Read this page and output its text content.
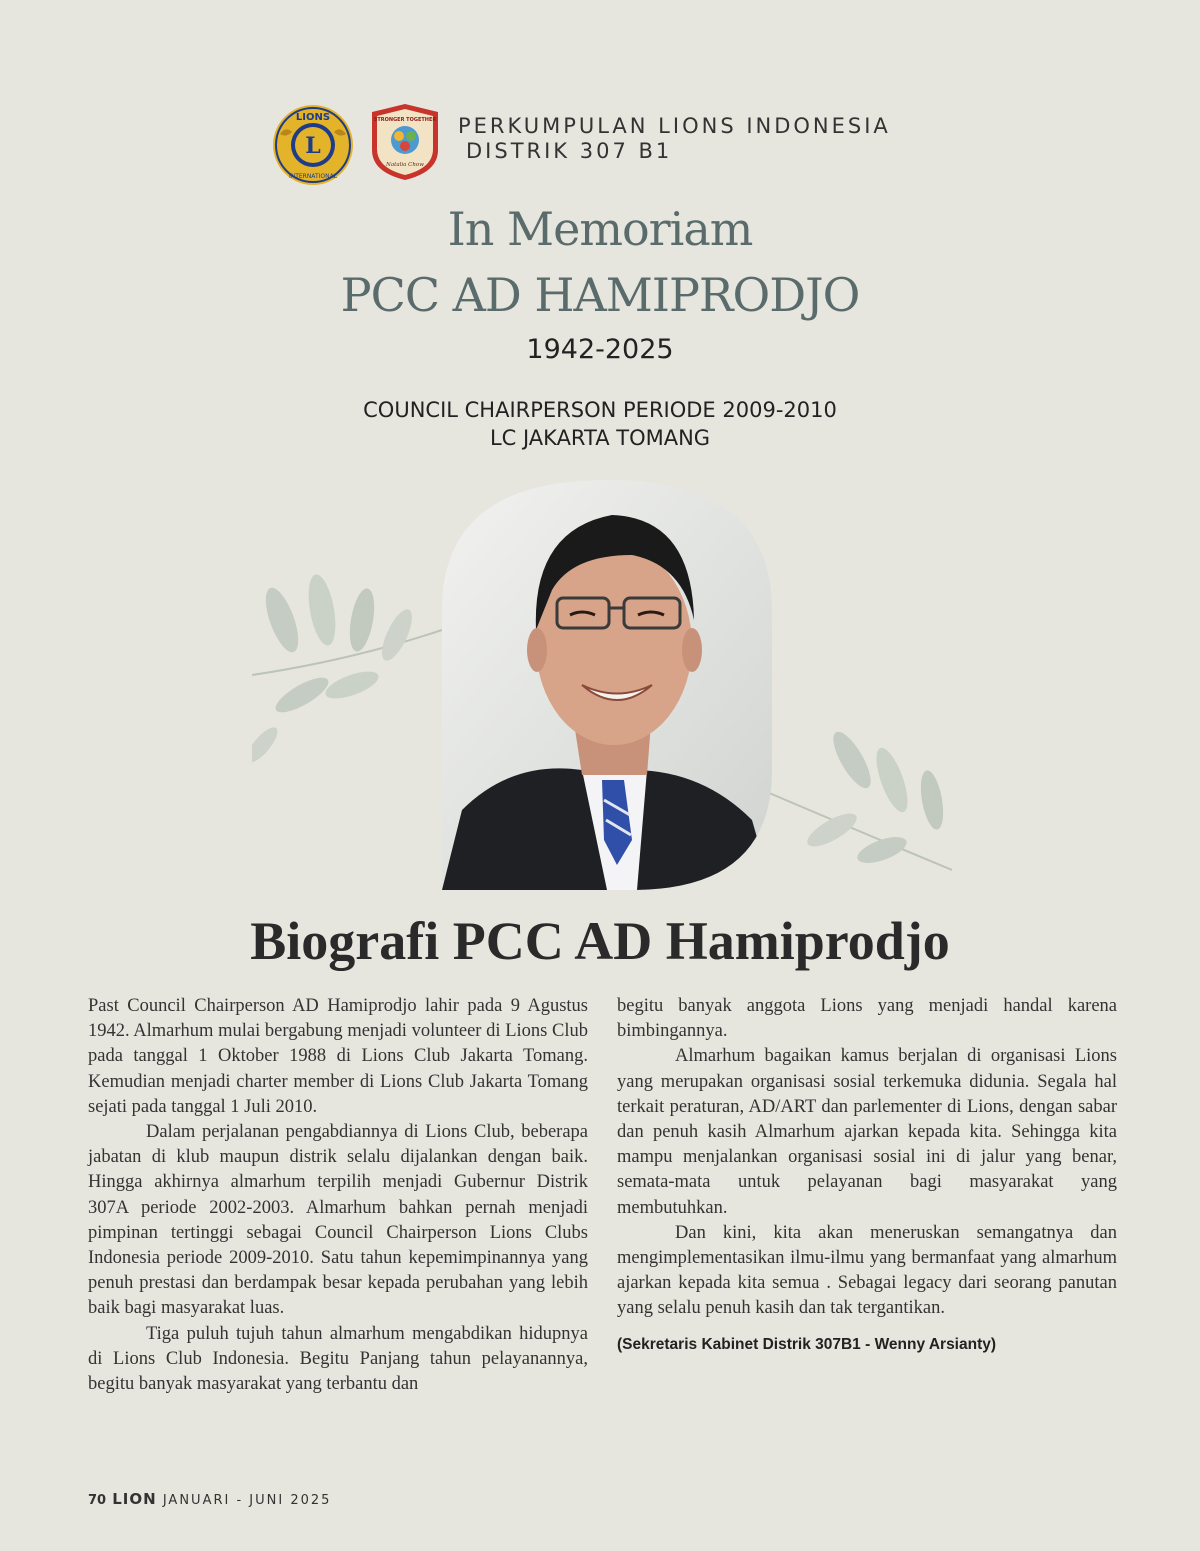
L
LIONS
INTERNATIONAL
STRONGER TOGETHER
Natalia Chow
PERKUMPULAN LIONS INDONESIA
DISTRIK 307 B1
In Memoriam
PCC AD HAMIPRODJO
1942-2025
COUNCIL CHAIRPERSON PERIODE 2009-2010
LC JAKARTA TOMANG
Biografi PCC AD Hamiprodjo

Past Council Chairperson AD Hamiprodjo lahir pada 9 Agustus 1942. Almarhum mulai bergabung menjadi volunteer di Lions Club pada tanggal 1 Oktober 1988 di Lions Club Jakarta Tomang. Kemudian menjadi charter member di Lions Club Jakarta Tomang sejati pada tanggal 1 Juli 2010.

Dalam perjalanan pengabdiannya di Lions Club, beberapa jabatan di klub maupun distrik selalu dijalankan dengan baik. Hingga akhirnya almarhum terpilih menjadi Gubernur Distrik 307A periode 2002-2003. Almarhum bahkan pernah menjadi pimpinan tertinggi sebagai Council Chairperson Lions Clubs Indonesia periode 2009-2010. Satu tahun kepemimpinannya yang penuh prestasi dan berdampak besar kepada perubahan yang lebih baik bagi masyarakat luas.

Tiga puluh tujuh tahun almarhum mengabdikan hidupnya di Lions Club Indonesia. Begitu Panjang tahun pelayanannya, begitu banyak masyarakat yang terbantu dan

begitu banyak anggota Lions yang menjadi handal karena bimbingannya.

Almarhum bagaikan kamus berjalan di organisasi Lions yang merupakan organisasi sosial terkemuka didunia. Segala hal terkait peraturan, AD/ART dan parlementer di Lions, dengan sabar dan penuh kasih Almarhum ajarkan kepada kita. Sehingga kita mampu menjalankan organisasi sosial ini di jalur yang benar, semata-mata untuk pelayanan bagi masyarakat yang membutuhkan.

Dan kini, kita akan meneruskan semangatnya dan mengimplementasikan ilmu-ilmu yang bermanfaat yang almarhum ajarkan kepada kita semua . Sebagai legacy dari seorang panutan yang selalu penuh kasih dan tak tergantikan.

(Sekretaris Kabinet Distrik 307B1 - Wenny Arsianty)

70 LION JANUARI - JUNI 2025
